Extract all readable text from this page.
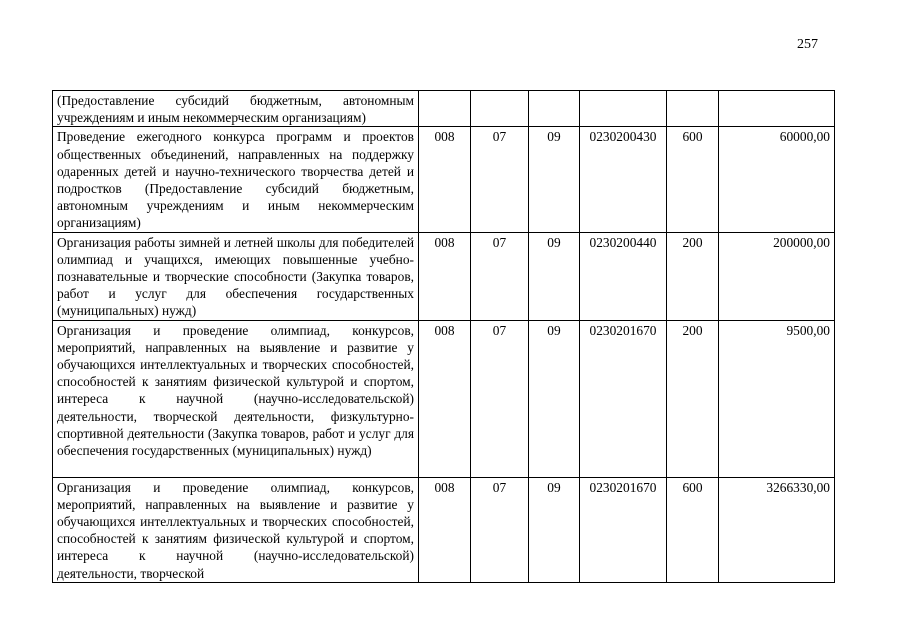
257
(Предоставление субсидий бюджетным, автономным учреждениям и иным некоммерческим организациям)						
Проведение ежегодного конкурса программ и проектов общественных объединений, направленных на поддержку одаренных детей и научно-технического творчества детей и подростков (Предоставление субсидий бюджетным, автономным учреждениям и иным некоммерческим организациям)	008	07	09	0230200430	600	60000,00
Организация работы зимней и летней школы для победителей олимпиад и учащихся, имеющих повышенные учебно-познавательные и творческие способности (Закупка товаров, работ и услуг для обеспечения государственных (муниципальных) нужд)	008	07	09	0230200440	200	200000,00
Организация и проведение олимпиад, конкурсов, мероприятий, направленных на выявление и развитие у обучающихся интеллектуальных и творческих способностей, способностей к занятиям физической культурой и спортом, интереса к научной (научно-исследовательской) деятельности, творческой деятельности, физкультурно-спортивной деятельности (Закупка товаров, работ и услуг для обеспечения государственных (муниципальных) нужд)	008	07	09	0230201670	200	9500,00
Организация и проведение олимпиад, конкурсов, мероприятий, направленных на выявление и развитие у обучающихся интеллектуальных и творческих способностей, способностей к занятиям физической культурой и спортом, интереса к научной (научно-исследовательской) деятельности, творческой	008	07	09	0230201670	600	3266330,00
